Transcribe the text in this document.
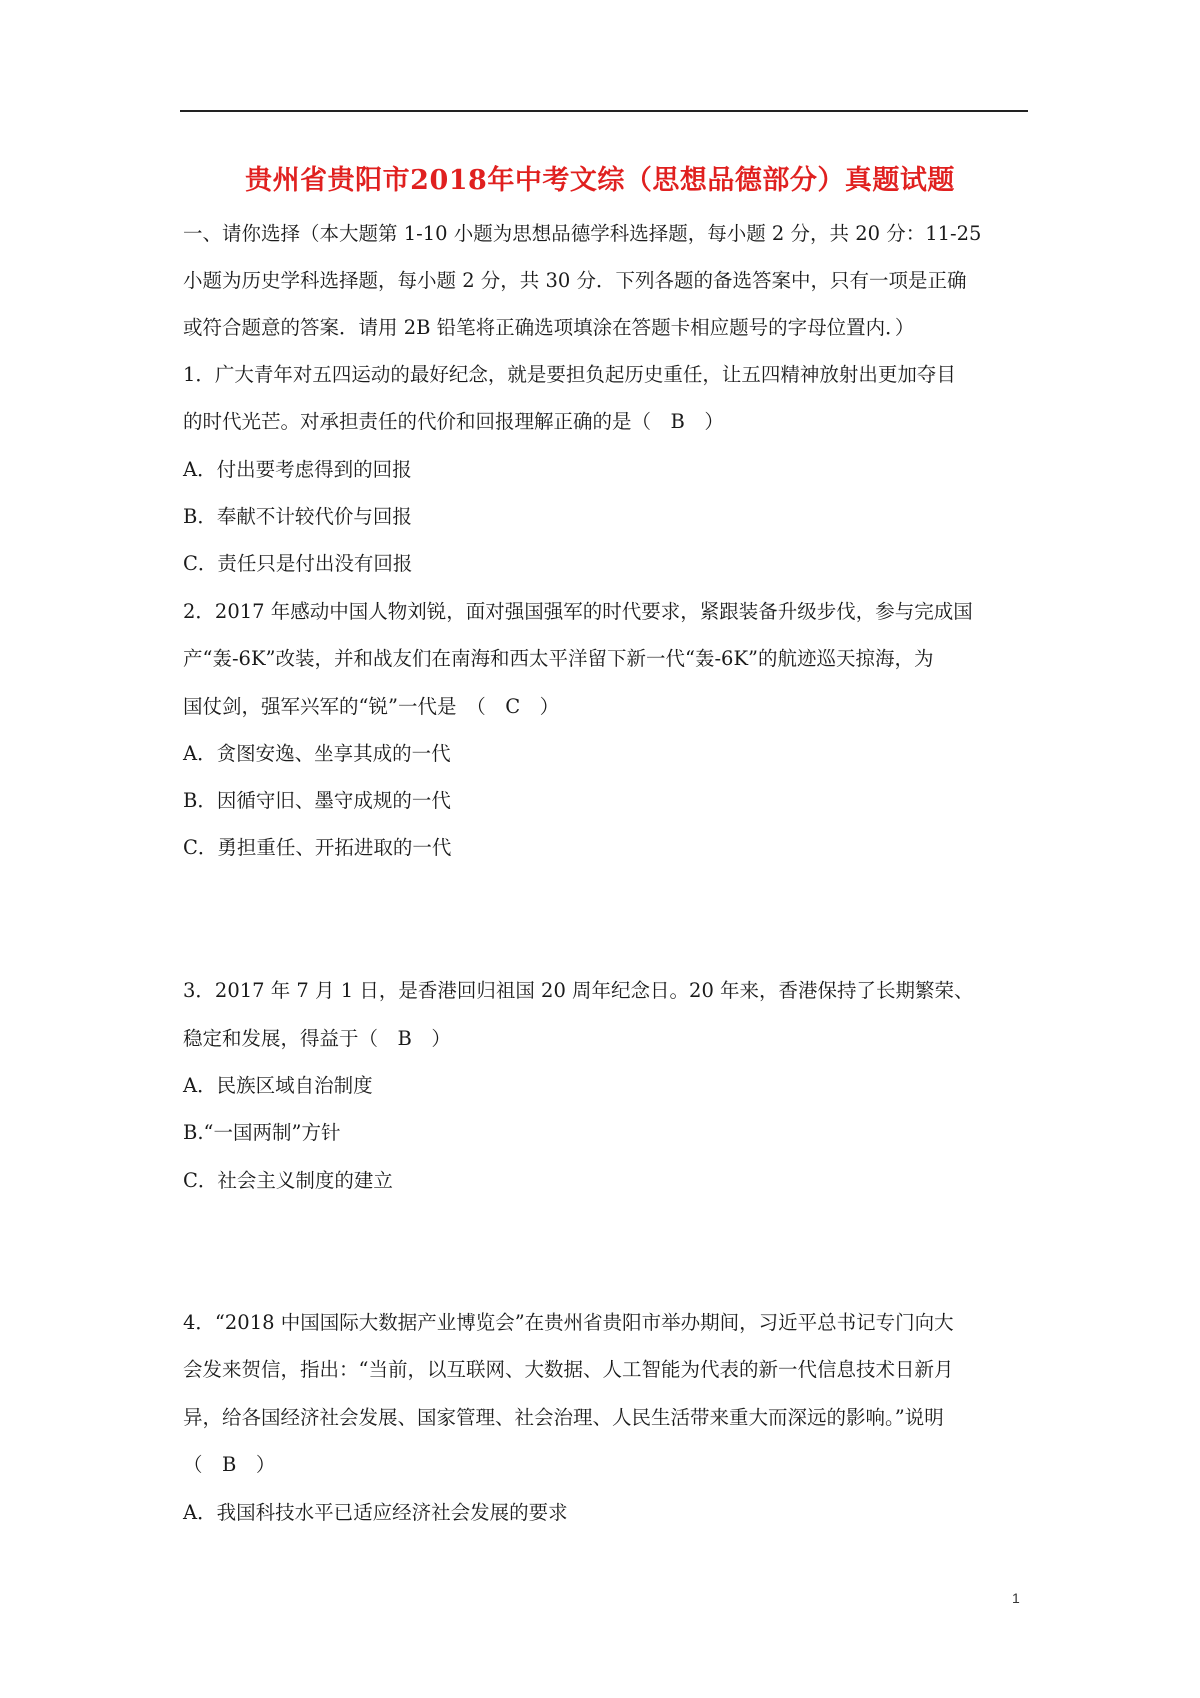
贵州省贵阳市2018年中考文综（思想品德部分）真题试题
一、请你选择（本大题第 1-10 小题为思想品德学科选择题，每小题 2 分，共 20 分：11-25
小题为历史学科选择题，每小题 2 分，共 30 分．下列各题的备选答案中，只有一项是正确
或符合题意的答案．请用 2B 铅笔将正确选项填涂在答题卡相应题号的字母位置内．）
1．广大青年对五四运动的最好纪念，就是要担负起历史重任，让五四精神放射出更加夺目
的时代光芒。对承担责任的代价和回报理解正确的是（　B　）
A．付出要考虑得到的回报
B．奉献不计较代价与回报
C．责任只是付出没有回报
2．2017 年感动中国人物刘锐，面对强国强军的时代要求，紧跟装备升级步伐，参与完成国
产“轰-6K”改装，并和战友们在南海和西太平洋留下新一代“轰-6K”的航迹巡天掠海，为
国仗剑，强军兴军的“锐”一代是　（　C　）
A．贪图安逸、坐享其成的一代
B．因循守旧、墨守成规的一代
C．勇担重任、开拓进取的一代
3．2017 年 7 月 1 日，是香港回归祖国 20 周年纪念日。20 年来，香港保持了长期繁荣、
稳定和发展，得益于（　B　）
A．民族区域自治制度
B.“一国两制”方针
C．社会主义制度的建立
4．“2018 中国国际大数据产业博览会”在贵州省贵阳市举办期间，习近平总书记专门向大
会发来贺信，指出：“当前，以互联网、大数据、人工智能为代表的新一代信息技术日新月
异，给各国经济社会发展、国家管理、社会治理、人民生活带来重大而深远的影响。”说明
（　B　）
A．我国科技水平已适应经济社会发展的要求
1
